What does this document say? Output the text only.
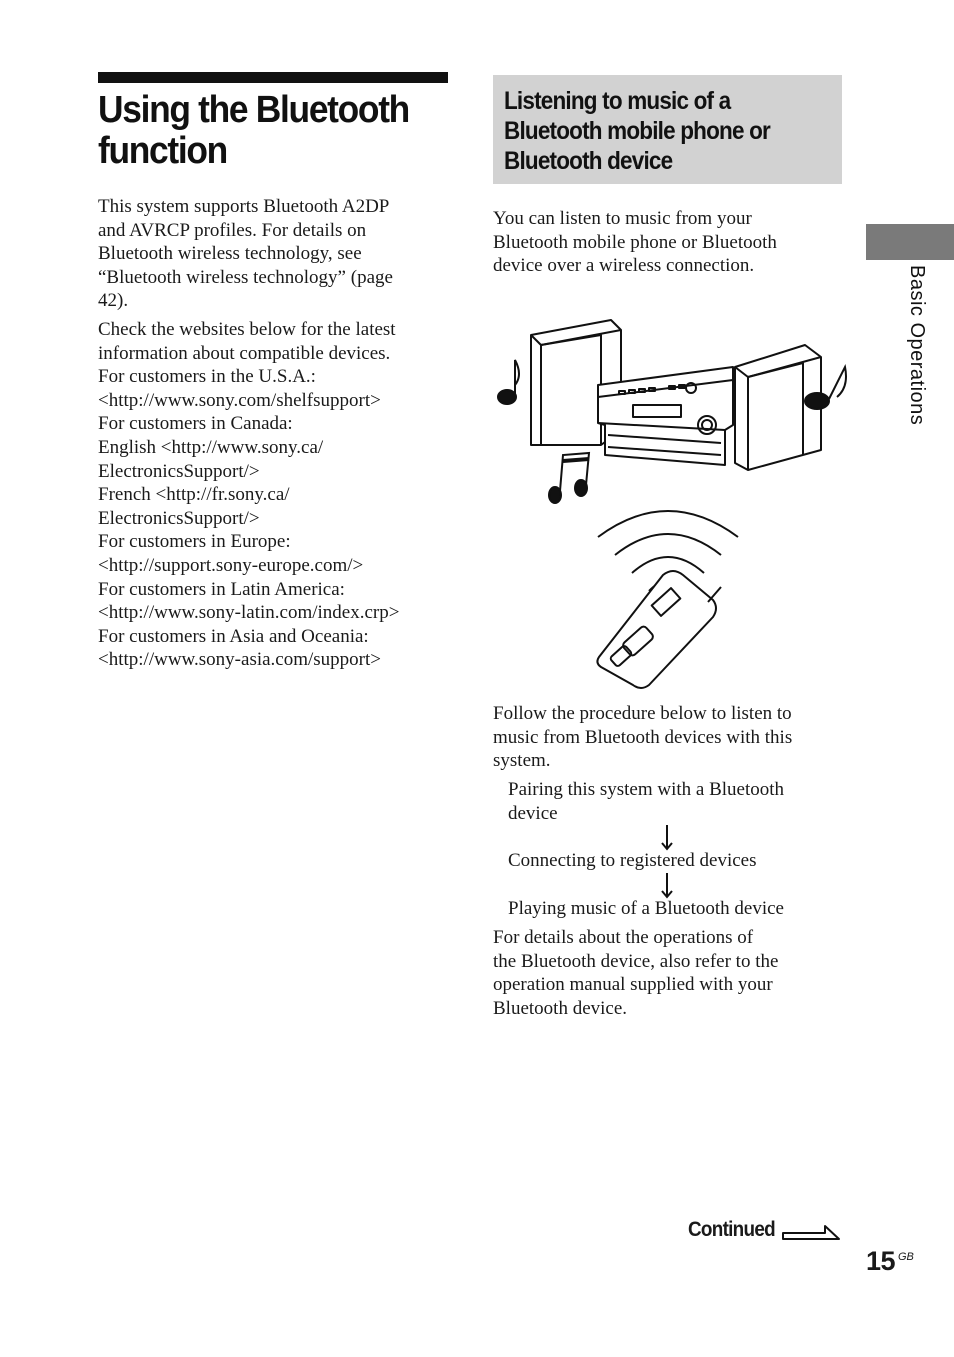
Using the Bluetooth
function

This system supports Bluetooth A2DP
and AVRCP profiles. For details on
Bluetooth wireless technology, see
“Bluetooth wireless technology” (page
42).

Check the websites below for the latest
information about compatible devices.
For customers in the U.S.A.:
<http://www.sony.com/shelfsupport>
For customers in Canada:
English <http://www.sony.ca/
ElectronicsSupport/>
French <http://fr.sony.ca/
ElectronicsSupport/>
For customers in Europe:
<http://support.sony-europe.com/>
For customers in Latin America:
<http://www.sony-latin.com/index.crp>
For customers in Asia and Oceania:
<http://www.sony-asia.com/support>

Listening to music of a
Bluetooth mobile phone or
Bluetooth device

You can listen to music from your
Bluetooth mobile phone or Bluetooth
device over a wireless connection.

Follow the procedure below to listen to
music from Bluetooth devices with this
system.

Pairing this system with a Bluetooth
device
Connecting to registered devices
Playing music of a Bluetooth device

For details about the operations of
the Bluetooth device, also refer to the
operation manual supplied with your
Bluetooth device.

Basic Operations
Continued
15 GB
